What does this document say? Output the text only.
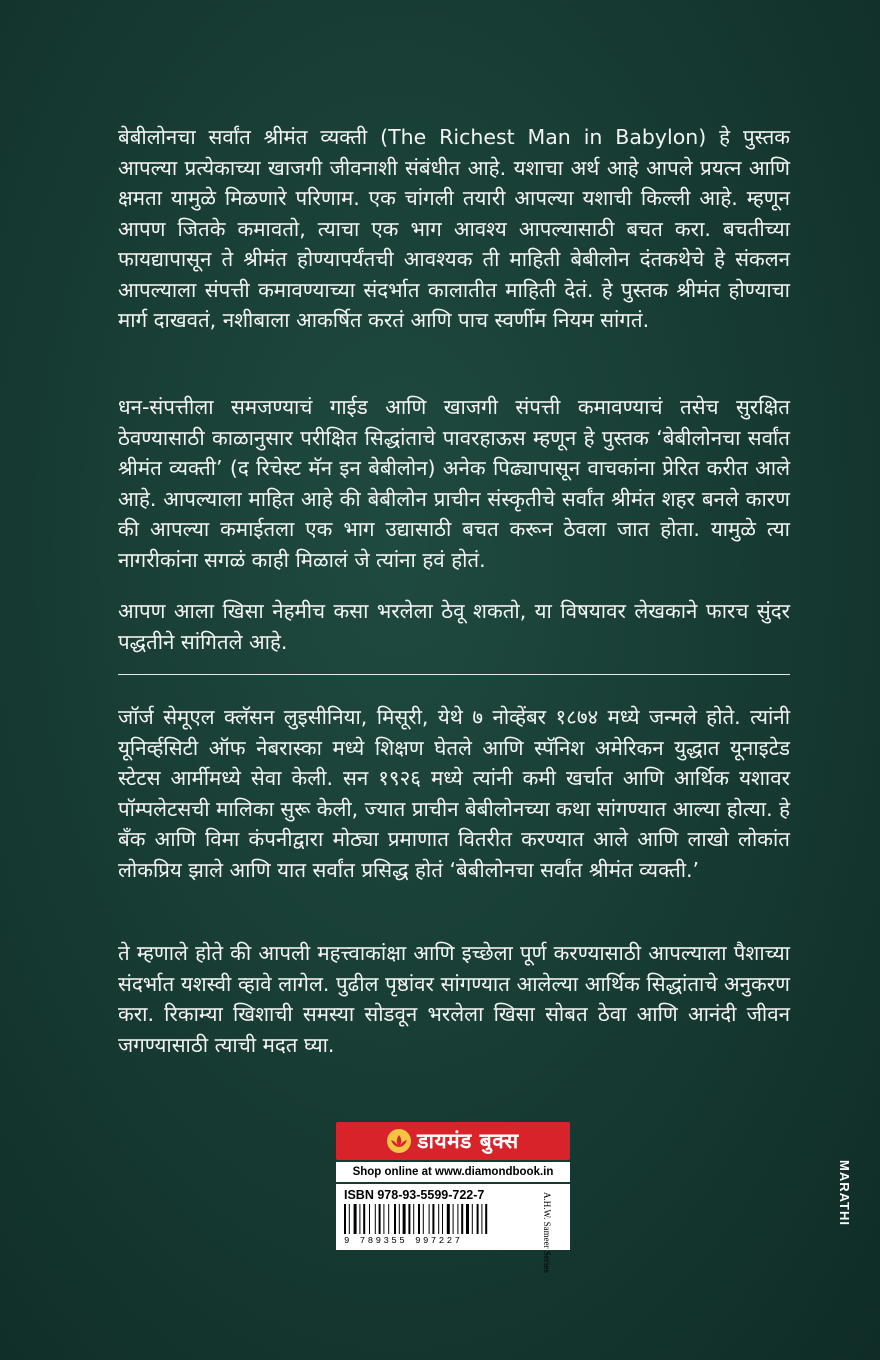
बेबीलोनचा सर्वांत श्रीमंत व्यक्ती (The Richest Man in Babylon) हे पुस्तक आपल्या प्रत्येकाच्या खाजगी जीवनाशी संबंधीत आहे. यशाचा अर्थ आहे आपले प्रयत्न आणि क्षमता यामुळे मिळणारे परिणाम. एक चांगली तयारी आपल्या यशाची किल्ली आहे. म्हणून आपण जितके कमावतो, त्याचा एक भाग आवश्य आपल्यासाठी बचत करा. बचतीच्या फायद्यापासून ते श्रीमंत होण्यापर्यंतची आवश्यक ती माहिती बेबीलोन दंतकथेचे हे संकलन आपल्याला संपत्ती कमावण्याच्या संदर्भात कालातीत माहिती देतं. हे पुस्तक श्रीमंत होण्याचा मार्ग दाखवतं, नशीबाला आकर्षित करतं आणि पाच स्वर्णीम नियम सांगतं.

धन-संपत्तीला समजण्याचं गाईड आणि खाजगी संपत्ती कमावण्याचं तसेच सुरक्षित ठेवण्यासाठी काळानुसार परीक्षित सिद्धांताचे पावरहाऊस म्हणून हे पुस्तक ‘बेबीलोनचा सर्वांत श्रीमंत व्यक्ती’ (द रिचेस्ट मॅन इन बेबीलोन) अनेक पिढ्यापासून वाचकांना प्रेरित करीत आले आहे. आपल्याला माहित आहे की बेबीलोन प्राचीन संस्कृतीचे सर्वांत श्रीमंत शहर बनले कारण की आपल्या कमाईतला एक भाग उद्यासाठी बचत करून ठेवला जात होता. यामुळे त्या नागरीकांना सगळं काही मिळालं जे त्यांना हवं होतं.

आपण आला खिसा नेहमीच कसा भरलेला ठेवू शकतो, या विषयावर लेखकाने फारच सुंदर पद्धतीने सांगितले आहे.

जॉर्ज सेमूएल क्लॅसन लुइसीनिया, मिसूरी, येथे ७ नोव्हेंबर १८७४ मध्ये जन्मले होते. त्यांनी यूनिर्व्हसिटी ऑफ नेबरास्का मध्ये शिक्षण घेतले आणि स्पॅनिश अमेरिकन युद्धात यूनाइटेड स्टेटस आर्मीमध्ये सेवा केली. सन १९२६ मध्ये त्यांनी कमी खर्चात आणि आर्थिक यशावर पॉम्पलेटसची मालिका सुरू केली, ज्यात प्राचीन बेबीलोनच्या कथा सांगण्यात आल्या होत्या. हे बँक आणि विमा कंपनीद्वारा मोठ्या प्रमाणात वितरीत करण्यात आले आणि लाखो लोकांत लोकप्रिय झाले आणि यात सर्वांत प्रसिद्ध होतं ‘बेबीलोनचा सर्वांत श्रीमंत व्यक्ती.’

ते म्हणाले होते की आपली महत्त्वाकांक्षा आणि इच्छेला पूर्ण करण्यासाठी आपल्याला पैशाच्या संदर्भात यशस्वी व्हावे लागेल. पुढील पृष्ठांवर सांगण्यात आलेल्या आर्थिक सिद्धांताचे अनुकरण करा. रिकाम्या खिशाची समस्या सोडवून भरलेला खिसा सोबत ठेवा आणि आनंदी जीवन जगण्यासाठी त्याची मदत घ्या.

डायमंड बुक्स
Shop online at www.diamondbook.in
ISBN 978-93-5599-722-7
9 789355 997227	A.H.W. Sameer Series	MARATHI
